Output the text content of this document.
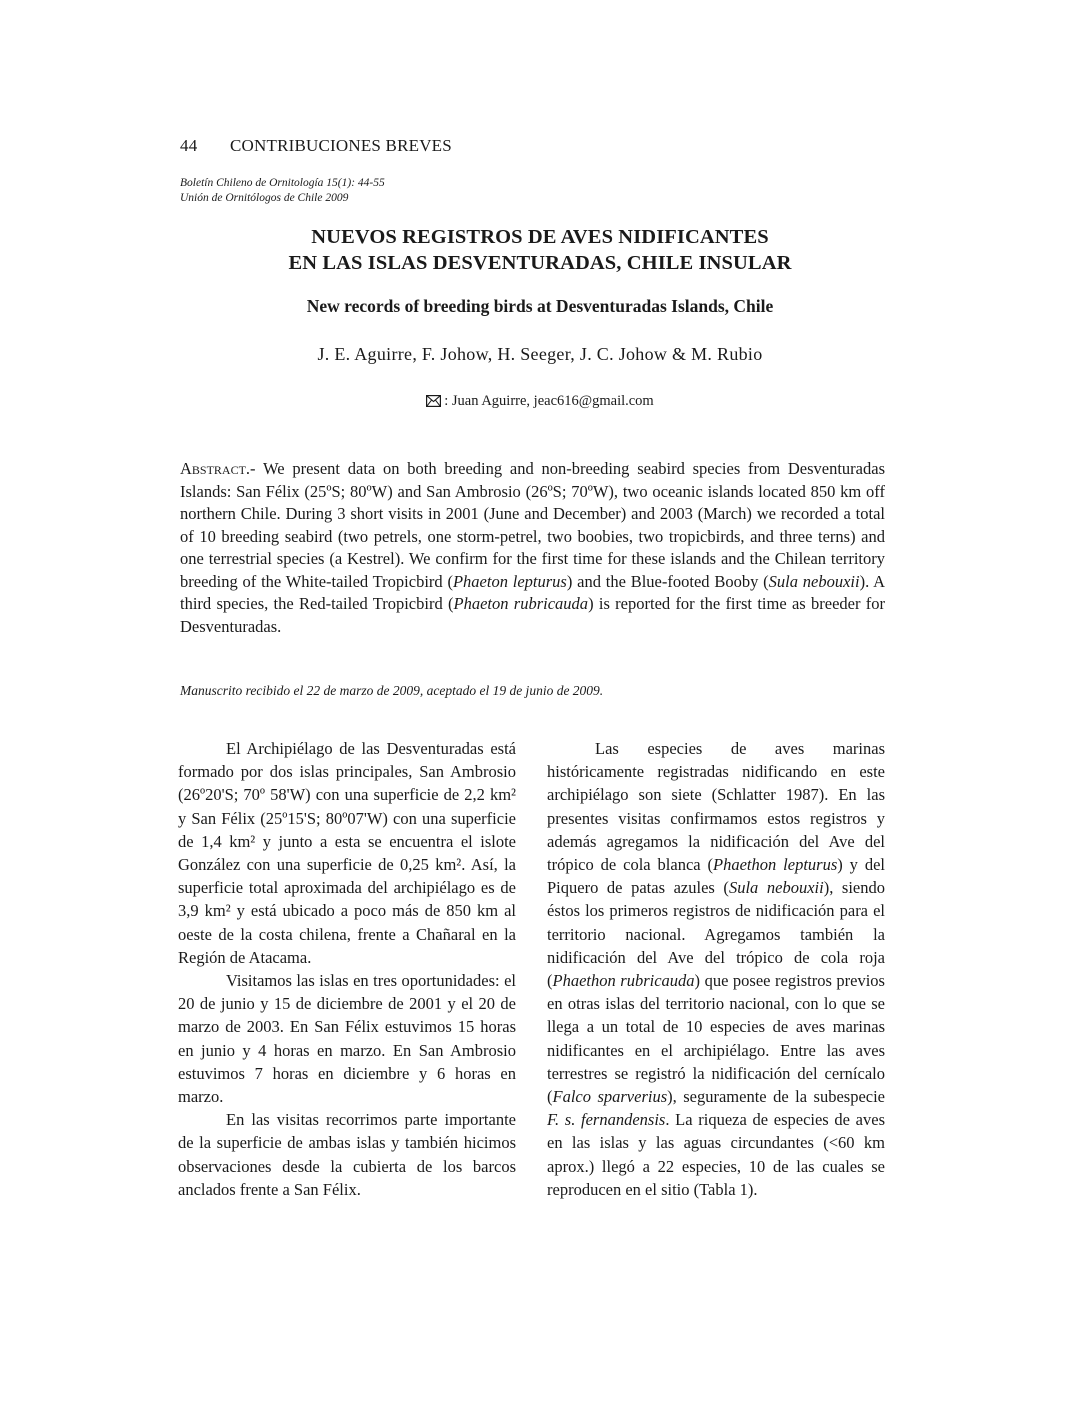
44 CONTRIBUCIONES BREVES
Boletín Chileno de Ornitología 15(1): 44-55
Unión de Ornitólogos de Chile 2009
NUEVOS REGISTROS DE AVES NIDIFICANTES
EN LAS ISLAS DESVENTURADAS, CHILE INSULAR
New records of breeding birds at Desventuradas Islands, Chile
J. E. Aguirre, F. Johow, H. Seeger, J. C. Johow & M. Rubio
: Juan Aguirre, jeac616@gmail.com
Abstract.- We present data on both breeding and non-breeding seabird species from Desventuradas Islands: San Félix (25ºS; 80ºW) and San Ambrosio (26ºS; 70ºW), two oceanic islands located 850 km off northern Chile. During 3 short visits in 2001 (June and December) and 2003 (March) we recorded a total of 10 breeding seabird (two petrels, one storm-petrel, two boobies, two tropicbirds, and three terns) and one terrestrial species (a Kestrel). We confirm for the first time for these islands and the Chilean territory breeding of the White-tailed Tropicbird (Phaeton lepturus) and the Blue-footed Booby (Sula nebouxii). A third species, the Red-tailed Tropicbird (Phaeton rubricauda) is reported for the first time as breeder for Desventuradas.
Manuscrito recibido el 22 de marzo de 2009, aceptado el 19 de junio de 2009.

El Archipiélago de las Desventuradas está formado por dos islas principales, San Ambrosio (26º20'S; 70º 58'W) con una superficie de 2,2 km² y San Félix (25º15'S; 80º07'W) con una superficie de 1,4 km² y junto a esta se encuentra el islote González con una superficie de 0,25 km². Así, la superficie total aproximada del archipiélago es de 3,9 km² y está ubicado a poco más de 850 km al oeste de la costa chilena, frente a Chañaral en la Región de Atacama.

Visitamos las islas en tres oportunidades: el 20 de junio y 15 de diciembre de 2001 y el 20 de marzo de 2003. En San Félix estuvimos 15 horas en junio y 4 horas en marzo. En San Ambrosio estuvimos 7 horas en diciembre y 6 horas en marzo.

En las visitas recorrimos parte importante de la superficie de ambas islas y también hicimos observaciones desde la cubierta de los barcos anclados frente a San Félix.

Las especies de aves marinas históricamente registradas nidificando en este archipiélago son siete (Schlatter 1987). En las presentes visitas confirmamos estos registros y además agregamos la nidificación del Ave del trópico de cola blanca (Phaethon lepturus) y del Piquero de patas azules (Sula nebouxii), siendo éstos los primeros registros de nidificación para el territorio nacional. Agregamos también la nidificación del Ave del trópico de cola roja (Phaethon rubricauda) que posee registros previos en otras islas del territorio nacional, con lo que se llega a un total de 10 especies de aves marinas nidificantes en el archipiélago. Entre las aves terrestres se registró la nidificación del cernícalo (Falco sparverius), seguramente de la subespecie F. s. fernandensis. La riqueza de especies de aves en las islas y las aguas circundantes (<60 km aprox.) llegó a 22 especies, 10 de las cuales se reproducen en el sitio (Tabla 1).
